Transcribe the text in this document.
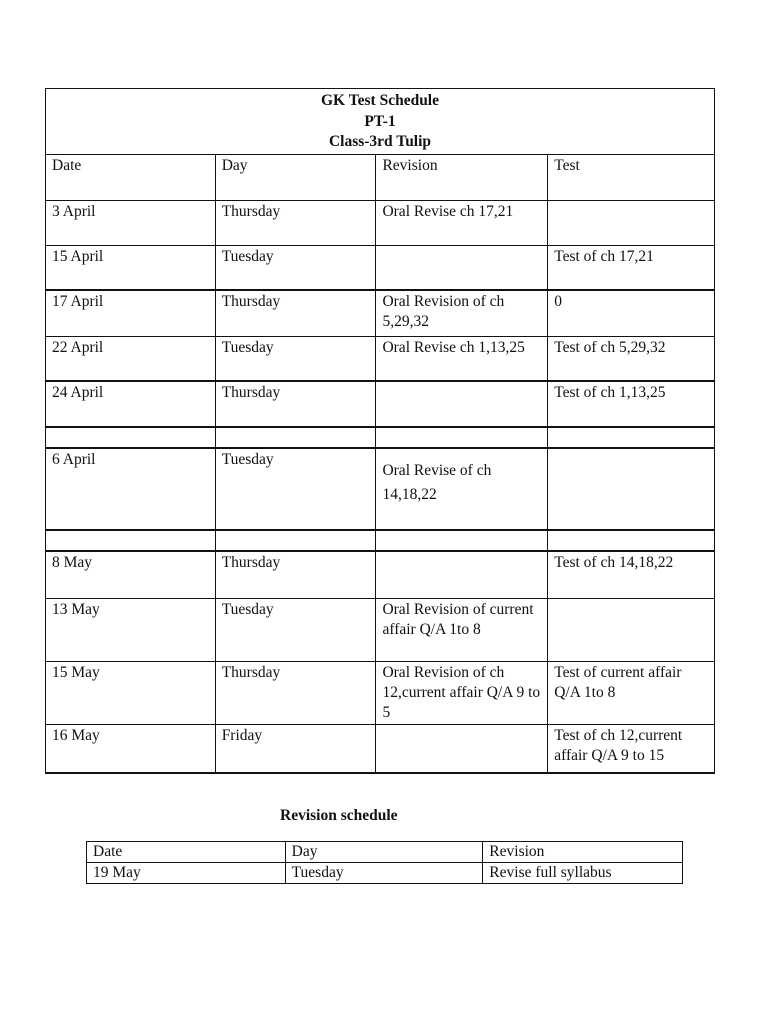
GK Test Schedule
PT-1
Class-3rd Tulip			

Date	Day	Revision	Test
3 April	Thursday	Oral Revise ch 17,21	
15 April	Tuesday		Test of ch 17,21
17 April	Thursday	Oral Revision of ch 5,29,32	0
22 April	Tuesday	Oral Revise ch 1,13,25	Test of ch 5,29,32
24 April	Thursday		Test of ch 1,13,25

6 April	Tuesday	Oral Revise of ch 14,18,22	

8 May	Thursday		Test of ch 14,18,22
13 May	Tuesday	Oral Revision of current affair Q/A 1to 8	
15 May	Thursday	Oral Revision of ch 12,current affair Q/A 9 to 5	Test of current affair Q/A 1to 8
16 May	Friday		Test of ch 12,current affair Q/A 9 to 15

Revision schedule

Date	Day	Revision
19 May	Tuesday	Revise full syllabus
